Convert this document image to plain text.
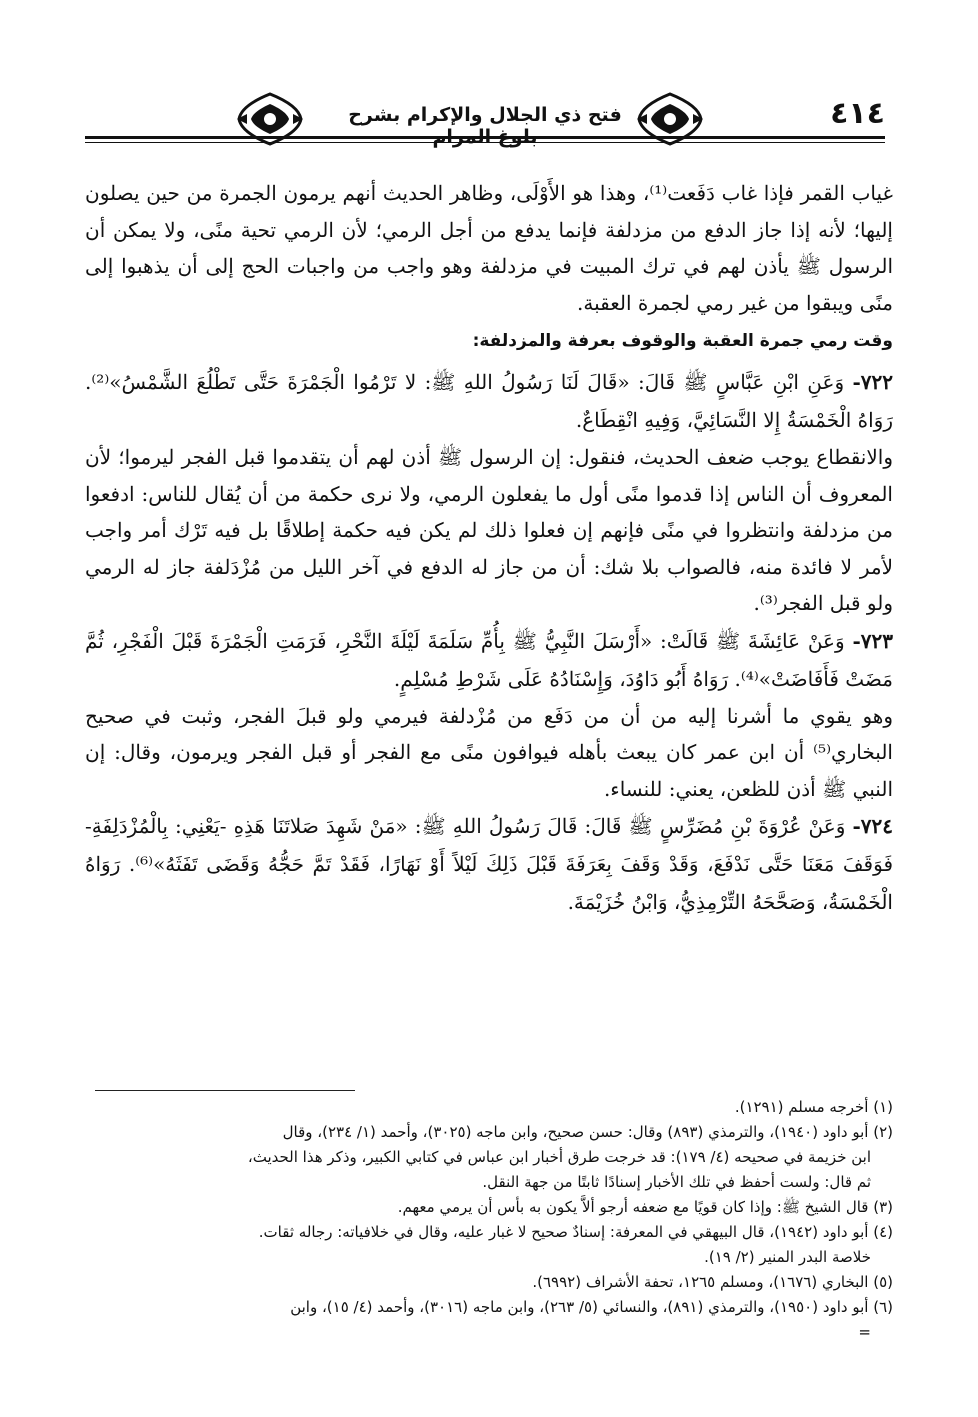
٤١٤
فتح ذي الجلال والإكرام بشرح بلوغ المرام

غياب القمر فإذا غاب دَفَعت⁽¹⁾، وهذا هو الأَوْلَى، وظاهر الحديث أنهم يرمون الجمرة من حين يصلون إليها؛ لأنه إذا جاز الدفع من مزدلفة فإنما يدفع من أجل الرمي؛ لأن الرمي تحية منًى، ولا يمكن أن الرسول ﷺ يأذن لهم في ترك المبيت في مزدلفة وهو واجب من واجبات الحج إلى أن يذهبوا إلى منًى ويبقوا من غير رمي لجمرة العقبة.

وقت رمي جمرة العقبة والوقوف بعرفة والمزدلفة:

٧٢٢- وَعَنِ ابْنِ عَبَّاسٍ ﷺ قَالَ: «قَالَ لَنَا رَسُولُ اللهِ ﷺ: لا تَرْمُوا الْجَمْرَةَ حَتَّى تَطْلُعَ الشَّمْسُ»⁽²⁾. رَوَاهُ الْخَمْسَةُ إِلا النَّسَائِيَّ، وَفِيهِ انْقِطَاعٌ.

والانقطاع يوجب ضعف الحديث، فنقول: إن الرسول ﷺ أذن لهم أن يتقدموا قبل الفجر ليرموا؛ لأن المعروف أن الناس إذا قدموا منًى أول ما يفعلون الرمي، ولا نرى حكمة من أن يُقال للناس: ادفعوا من مزدلفة وانتظروا في منًى فإنهم إن فعلوا ذلك لم يكن فيه حكمة إطلاقًا بل فيه تَرْك أمر واجب لأمر لا فائدة منه، فالصواب بلا شك: أن من جاز له الدفع في آخر الليل من مُزْدَلفة جاز له الرمي ولو قبل الفجر⁽³⁾.

٧٢٣- وَعَنْ عَائِشَةَ ﷺ قَالَتْ: «أَرْسَلَ النَّبِيُّ ﷺ بِأُمِّ سَلَمَةَ لَيْلَةَ النَّحْرِ، فَرَمَتِ الْجَمْرَةَ قَبْلَ الْفَجْرِ، ثُمَّ مَضَتْ فَأَفَاضَتْ»⁽⁴⁾. رَوَاهُ أَبُو دَاوُدَ، وَإِسْنَادُهُ عَلَى شَرْطِ مُسْلِمٍ.

وهو يقوي ما أشرنا إليه من أن من دَفَع من مُزْدلفة فيرمي ولو قبلَ الفجر، وثبت في صحيح البخاري⁽⁵⁾ أن ابن عمر كان يبعث بأهله فيوافون منًى مع الفجر أو قبل الفجر ويرمون، وقال: إن النبي ﷺ أذن للظعن، يعني: للنساء.

٧٢٤- وَعَنْ عُرْوَةَ بْنِ مُضَرِّسٍ ﷺ قَالَ: قَالَ رَسُولُ اللهِ ﷺ: «مَنْ شَهِدَ صَلاتَنَا هَذِهِ -يَعْنِي: بِالْمُزْدَلِفَةِ- فَوَقَفَ مَعَنَا حَتَّى نَدْفَعَ، وَقَدْ وَقَفَ بِعَرَفَةَ قَبْلَ ذَلِكَ لَيْلاً أَوْ نَهَارًا، فَقَدْ تَمَّ حَجُّهُ وَقَضَى تَفَثَهُ»⁽⁶⁾. رَوَاهُ الْخَمْسَةُ، وَصَحَّحَهُ التِّرْمِذِيُّ، وَابْنُ خُزَيْمَةَ.

(١) أخرجه مسلم (١٢٩١).

(٢) أبو داود (١٩٤٠)، والترمذي (٨٩٣) وقال: حسن صحيح، وابن ماجه (٣٠٢٥)، وأحمد (١/ ٢٣٤)، وقال
ابن خزيمة في صحيحه (٤/ ١٧٩): قد خرجت طرق أخبار ابن عباس في كتابي الكبير، وذكر هذا الحديث،
ثم قال: ولست أحفظ في تلك الأخبار إسنادًا ثابتًا من جهة النقل.

(٣) قال الشيخ ﷺ: وإذا كان قويًا مع ضعفه أرجو ألاَّ يكون به بأس أن يرمي معهم.

(٤) أبو داود (١٩٤٢)، قال البيهقي في المعرفة: إسنادٌ صحيح لا غبار عليه، وقال في خلافياته: رجاله ثقات.
خلاصة البدر المنير (٢/ ١٩).

(٥) البخاري (١٦٧٦)، ومسلم ١٢٦٥، تحفة الأشراف (٦٩٩٢).

(٦) أبو داود (١٩٥٠)، والترمذي (٨٩١)، والنسائي (٥/ ٢٦٣)، وابن ماجه (٣٠١٦)، وأحمد (٤/ ١٥)، وابن
=
